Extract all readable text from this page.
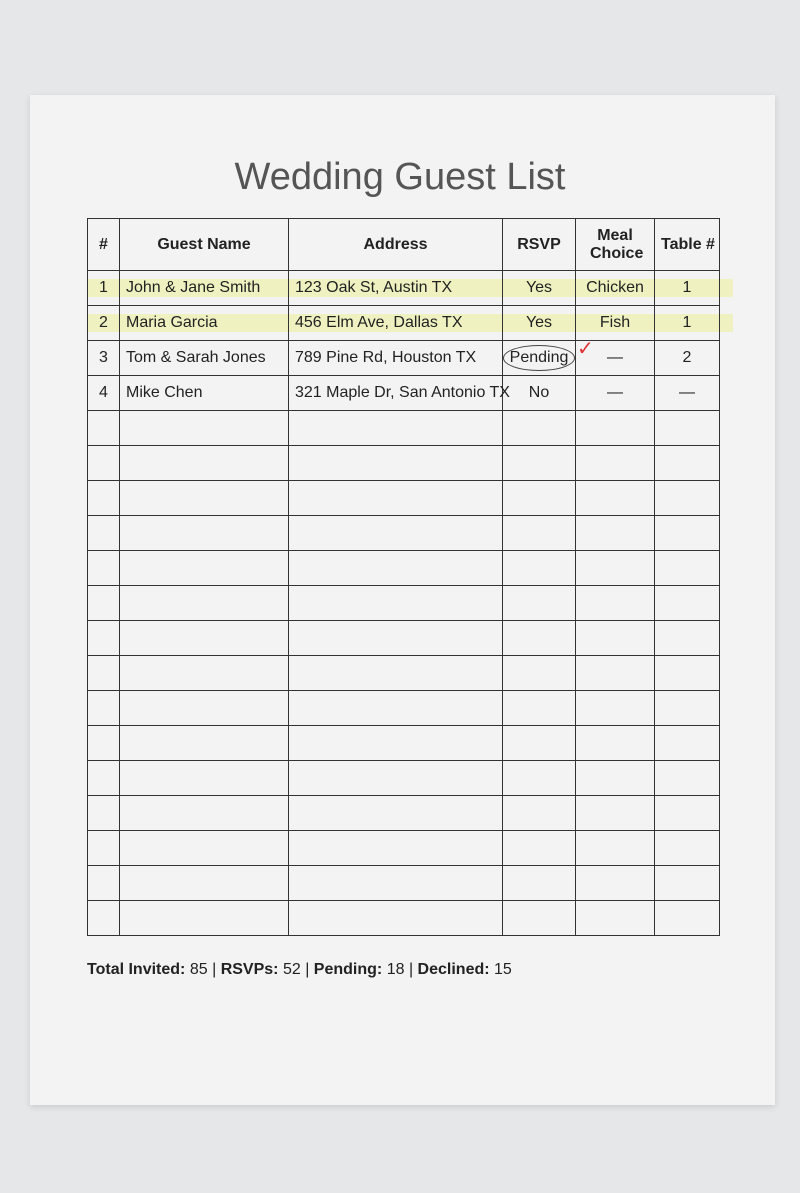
Wedding Guest List
#	Guest Name	Address	RSVP	Meal Choice	Table #
1	John & Jane Smith	123 Oak St, Austin TX	Yes	Chicken	1
2	Maria Garcia	456 Elm Ave, Dallas TX	Yes	Fish	1
3	Tom & Sarah Jones	789 Pine Rd, Houston TX	Pending	—	2
4	Mike Chen	321 Maple Dr, San Antonio TX	No	—	—

✓
Total Invited: 85 | RSVPs: 52 | Pending: 18 | Declined: 15
